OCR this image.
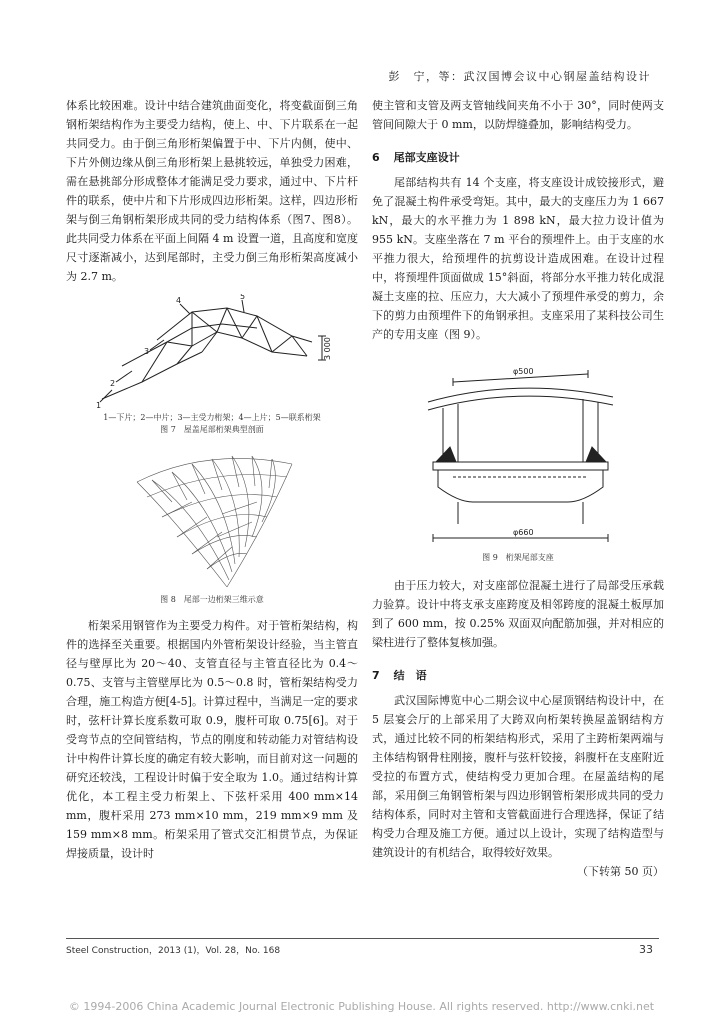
彭　宁，等：武汉国博会议中心钢屋盖结构设计

体系比较困难。设计中结合建筑曲面变化，将变截面倒三角钢桁架结构作为主要受力结构，使上、中、下片联系在一起共同受力。由于倒三角形桁架偏置于中、下片内侧，使中、下片外侧边缘从倒三角形桁架上悬挑较远，单独受力困难，需在悬挑部分形成整体才能满足受力要求，通过中、下片杆件的联系，使中片和下片形成四边形桁架。这样，四边形桁架与倒三角钢桁架形成共同的受力结构体系（图7、图8）。此共同受力体系在平面上间隔 4 m 设置一道，且高度和宽度尺寸逐渐减小，达到尾部时，主受力倒三角形桁架高度减小为 2.7 m。

1
2
3
4	5
3 000
1—下片；2—中片；3—主受力桁架；4—上片；5—联系桁架
图 7　屋盖尾部桁架典型剖面
图 8　尾部一边桁架三维示意

桁架采用钢管作为主要受力构件。对于管桁架结构，构件的选择至关重要。根据国内外管桁架设计经验，当主管直径与壁厚比为 20～40、支管直径与主管直径比为 0.4～0.75、支管与主管壁厚比为 0.5～0.8 时，管桁架结构受力合理，施工构造方便[4-5]。计算过程中，当满足一定的要求时，弦杆计算长度系数可取 0.9，腹杆可取 0.75[6]。对于受弯节点的空间管结构，节点的刚度和转动能力对管结构设计中构件计算长度的确定有较大影响，而目前对这一问题的研究还较浅，工程设计时偏于安全取为 1.0。通过结构计算优化，本工程主受力桁架上、下弦杆采用 400 mm×14 mm，腹杆采用 273 mm×10 mm，219 mm×9 mm 及 159 mm×8 mm。桁架采用了管式交汇相贯节点，为保证焊接质量，设计时

使主管和支管及两支管轴线间夹角不小于 30°，同时使两支管间间隙大于 0 mm，以防焊缝叠加，影响结构受力。

6 尾部支座设计

尾部结构共有 14 个支座，将支座设计成铰接形式，避免了混凝土构件承受弯矩。其中，最大的支座压力为 1 667 kN，最大的水平推力为 1 898 kN，最大拉力设计值为 955 kN。支座坐落在 7 m 平台的预埋件上。由于支座的水平推力很大，给预埋件的抗剪设计造成困难。在设计过程中，将预埋件顶面做成 15°斜面，将部分水平推力转化成混凝土支座的拉、压应力，大大减小了预埋件承受的剪力，余下的剪力由预埋件下的角钢承担。支座采用了某科技公司生产的专用支座（图 9）。

φ500
φ660
图 9　桁架尾部支座

由于压力较大，对支座部位混凝土进行了局部受压承载力验算。设计中将支承支座跨度及相邻跨度的混凝土板厚加到了 600 mm，按 0.25% 双面双向配筋加强，并对相应的梁柱进行了整体复核加强。

7 结　语

武汉国际博览中心二期会议中心屋顶钢结构设计中，在 5 层宴会厅的上部采用了大跨双向桁架转换屋盖钢结构方式，通过比较不同的桁架结构形式，采用了主跨桁架两端与主体结构钢骨柱刚接，腹杆与弦杆铰接，斜腹杆在支座附近受拉的布置方式，使结构受力更加合理。在屋盖结构的尾部，采用倒三角钢管桁架与四边形钢管桁架形成共同的受力结构体系，同时对主管和支管截面进行合理选择，保证了结构受力合理及施工方便。通过以上设计，实现了结构造型与建筑设计的有机结合，取得较好效果。

（下转第 50 页）
Steel Construction，2013 (1)，Vol. 28，No. 168	33
© 1994-2006 China Academic Journal Electronic Publishing House. All rights reserved. http://www.cnki.net
